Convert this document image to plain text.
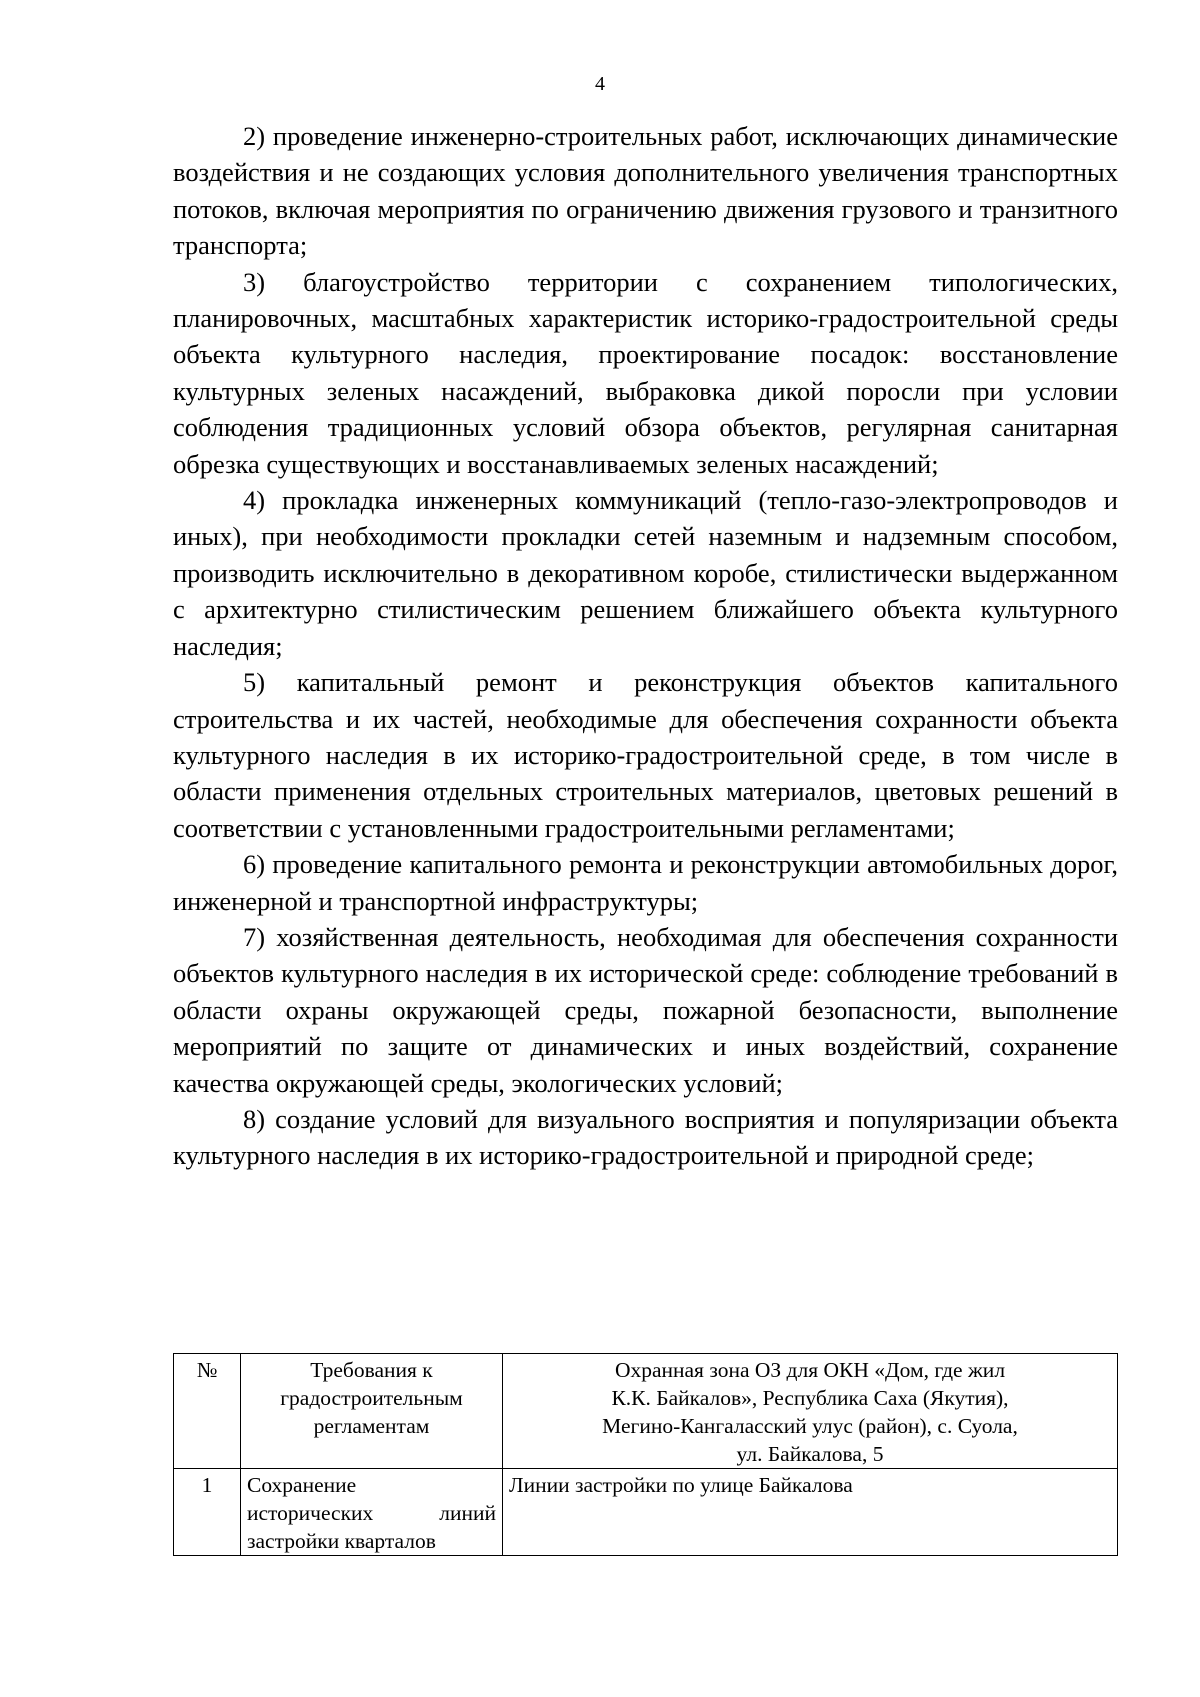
4

2) проведение инженерно-строительных работ, исключающих динамические воздействия и не создающих условия дополнительного увеличения транспортных потоков, включая мероприятия по ограничению движения грузового и транзитного транспорта;

3) благоустройство территории с сохранением типологических, планировочных, масштабных характеристик историко-градостроительной среды объекта культурного наследия, проектирование посадок: восстановление культурных зеленых насаждений, выбраковка дикой поросли при условии соблюдения традиционных условий обзора объектов, регулярная санитарная обрезка существующих и восстанавливаемых зеленых насаждений;

4) прокладка инженерных коммуникаций (тепло-газо-электропроводов и иных), при необходимости прокладки сетей наземным и надземным способом, производить исключительно в декоративном коробе, стилистически выдержанном с архитектурно стилистическим решением ближайшего объекта культурного наследия;

5) капитальный ремонт и реконструкция объектов капитального строительства и их частей, необходимые для обеспечения сохранности объекта культурного наследия в их историко-градостроительной среде, в том числе в области применения отдельных строительных материалов, цветовых решений в соответствии с установленными градостроительными регламентами;

6) проведение капитального ремонта и реконструкции автомобильных дорог, инженерной и транспортной инфраструктуры;

7) хозяйственная деятельность, необходимая для обеспечения сохранности объектов культурного наследия в их исторической среде: соблюдение требований в области охраны окружающей среды, пожарной безопасности, выполнение мероприятий по защите от динамических и иных воздействий, сохранение качества окружающей среды, экологических условий;

8) создание условий для визуального восприятия и популяризации объекта культурного наследия в их историко-градостроительной и природной среде;

№	Требования к
градостроительным
регламентам	Охранная зона ОЗ для ОКН «Дом, где жил
К.К. Байкалов», Республика Саха (Якутия),
Мегино-Кангаласский улус (район), с. Суола,
ул. Байкалова, 5

1	Сохранение
исторических линий
застройки кварталов	Линии застройки по улице Байкалова
